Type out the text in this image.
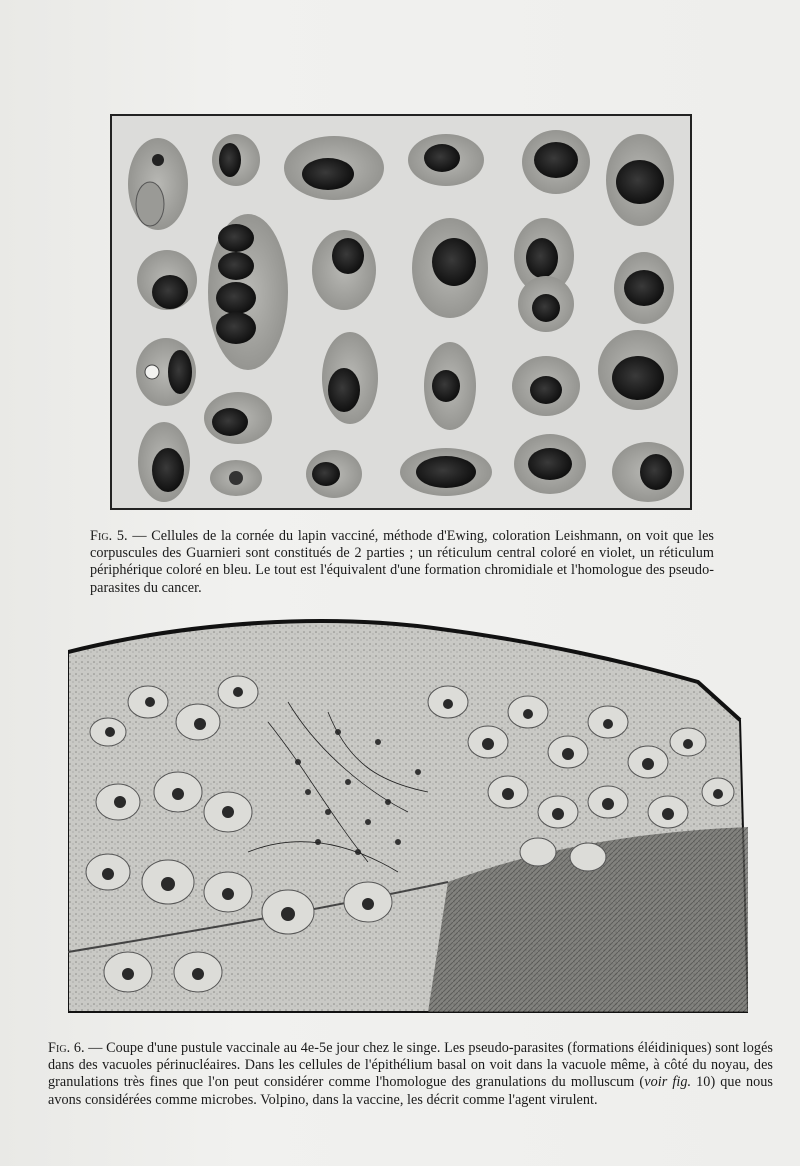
Fig. 5. — Cellules de la cornée du lapin vacciné, méthode d'Ewing, coloration Leishmann, on voit que les corpuscules des Guarnieri sont constitués de 2 parties ; un réticulum central coloré en violet, un réticulum périphérique coloré en bleu. Le tout est l'équivalent d'une formation chromidiale et l'homologue des pseudo-parasites du cancer.

Fig. 6. — Coupe d'une pustule vaccinale au 4e-5e jour chez le singe. Les pseudo-parasites (formations éléidiniques) sont logés dans des vacuoles périnucléaires. Dans les cellules de l'épithélium basal on voit dans la vacuole même, à côté du noyau, des granulations très fines que l'on peut considérer comme l'homologue des granulations du molluscum (voir fig. 10) que nous avons considérées comme microbes. Volpino, dans la vaccine, les décrit comme l'agent virulent.
